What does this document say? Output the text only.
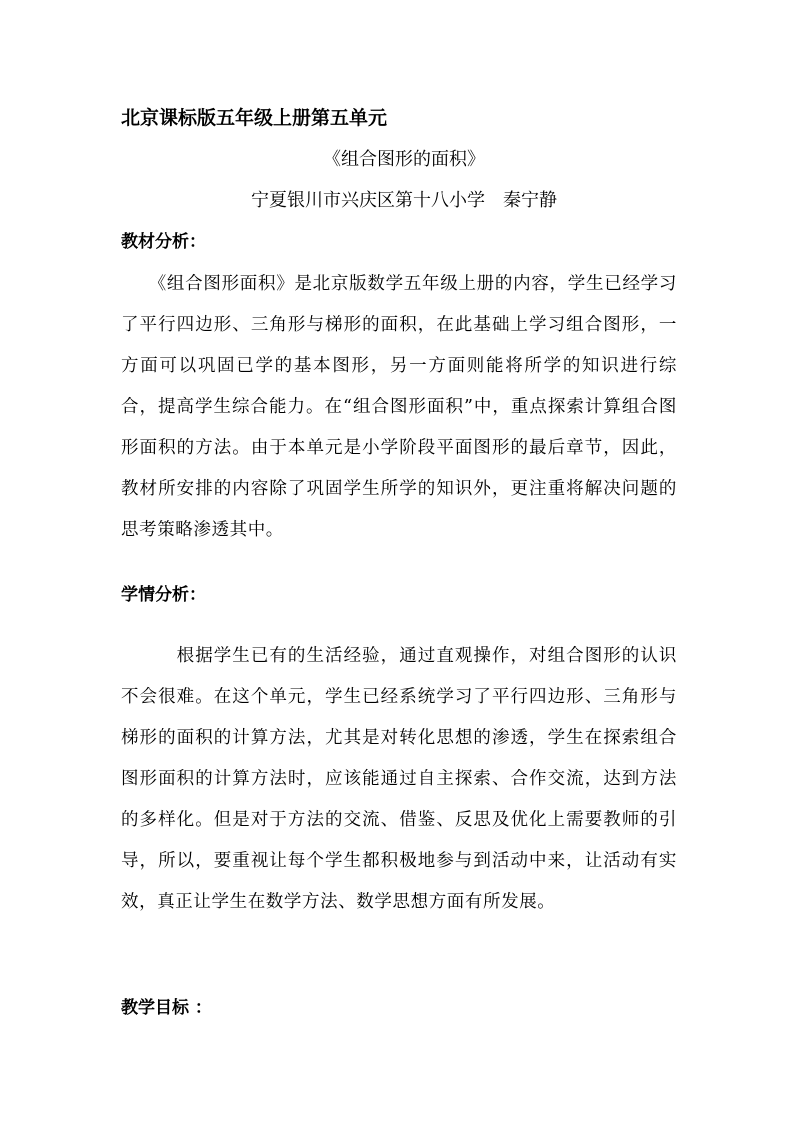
北京课标版五年级上册第五单元
《组合图形的面积》
宁夏银川市兴庆区第十八小学 秦宁静
教材分析：

　　《组合图形面积》是北京版数学五年级上册的内容，学生已经学习了平行四边形、三角形与梯形的面积，在此基础上学习组合图形，一方面可以巩固已学的基本图形，另一方面则能将所学的知识进行综合，提高学生综合能力。在“组合图形面积”中，重点探索计算组合图形面积的方法。由于本单元是小学阶段平面图形的最后章节，因此，教材所安排的内容除了巩固学生所学的知识外，更注重将解决问题的思考策略渗透其中。

学情分析：

　　　根据学生已有的生活经验，通过直观操作，对组合图形的认识不会很难。在这个单元，学生已经系统学习了平行四边形、三角形与梯形的面积的计算方法，尤其是对转化思想的渗透，学生在探索组合图形面积的计算方法时，应该能通过自主探索、合作交流，达到方法的多样化。但是对于方法的交流、借鉴、反思及优化上需要教师的引导，所以，要重视让每个学生都积极地参与到活动中来，让活动有实效，真正让学生在数学方法、数学思想方面有所发展。

教学目标 ：
